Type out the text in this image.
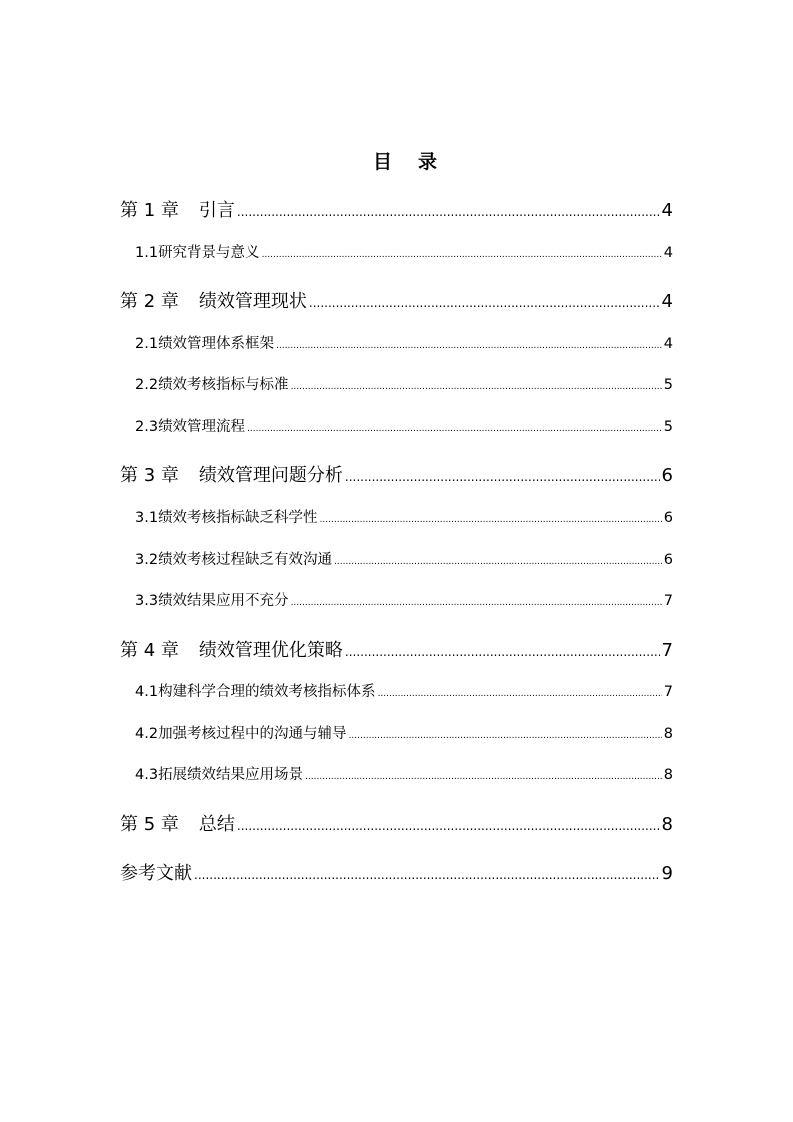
目录
第 1 章 引言 .....	4
1.1 研究背景与意义 .....	4
第 2 章 绩效管理现状 .....	4
2.1 绩效管理体系框架 .....	4
2.2 绩效考核指标与标准 .....	5
2.3 绩效管理流程 .....	5
第 3 章 绩效管理问题分析 .....	6
3.1 绩效考核指标缺乏科学性 .....	6
3.2 绩效考核过程缺乏有效沟通 .....	6
3.3 绩效结果应用不充分 .....	7
第 4 章 绩效管理优化策略 .....	7
4.1 构建科学合理的绩效考核指标体系 .....	7
4.2 加强考核过程中的沟通与辅导 .....	8
4.3 拓展绩效结果应用场景 .....	8
第 5 章 总结 .....	8
参考文献 .....	9
